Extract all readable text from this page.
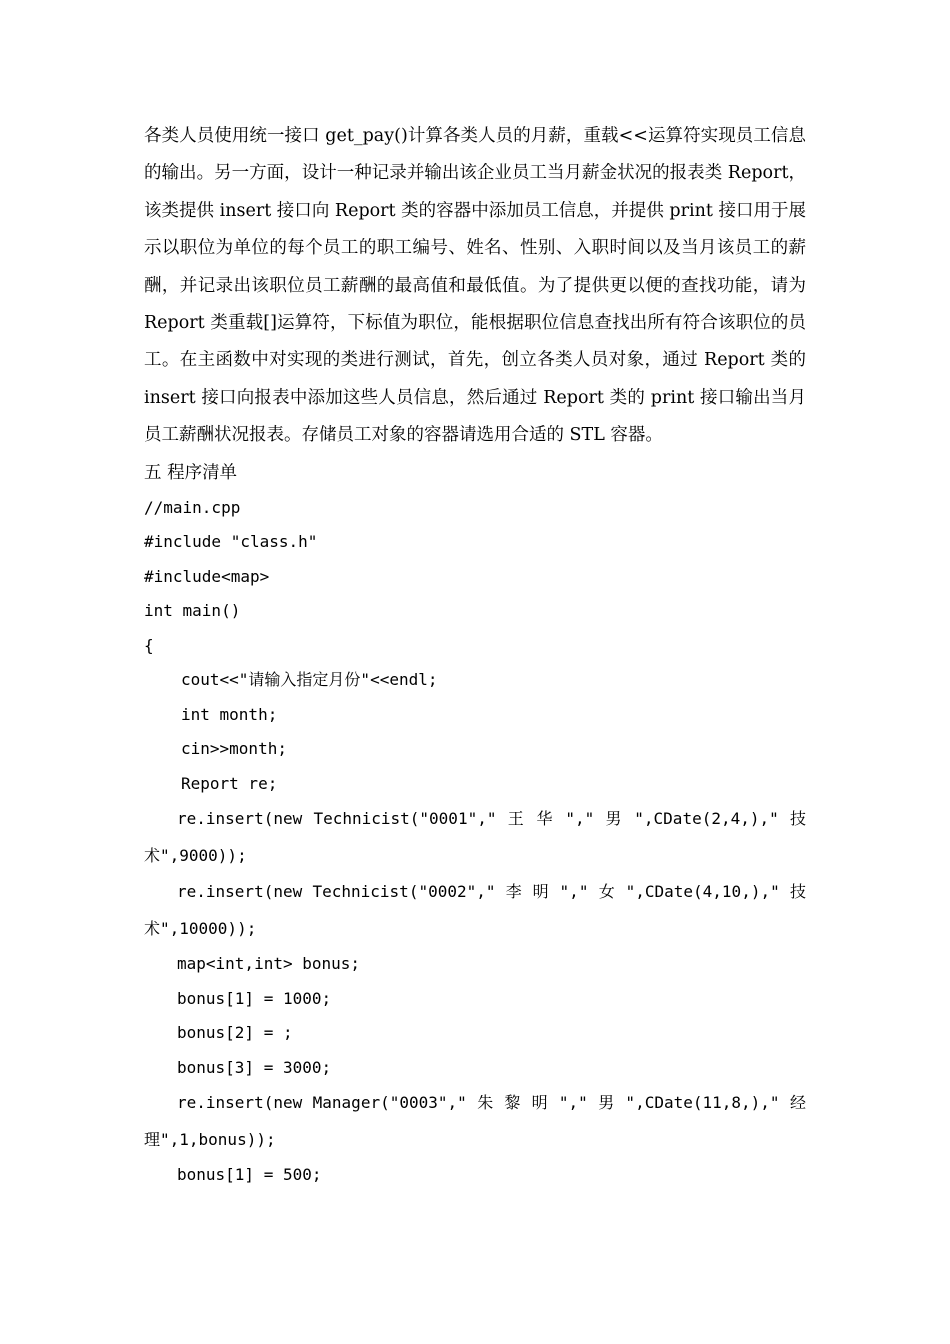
各类人员使用统一接口 get_pay()计算各类人员的月薪，重载<<运算符实现员工信息的输出。另一方面，设计一种记录并输出该企业员工当月薪金状况的报表类 Report，该类提供 insert 接口向 Report 类的容器中添加员工信息，并提供 print 接口用于展示以职位为单位的每个员工的职工编号、姓名、性别、入职时间以及当月该员工的薪酬，并记录出该职位员工薪酬的最高值和最低值。为了提供更以便的查找功能，请为 Report 类重载[]运算符，下标值为职位，能根据职位信息查找出所有符合该职位的员工。在主函数中对实现的类进行测试，首先，创立各类人员对象，通过 Report 类的 insert 接口向报表中添加这些人员信息，然后通过 Report 类的 print 接口输出当月员工薪酬状况报表。存储员工对象的容器请选用合适的 STL 容器。

五 程序清单

//main.cpp
#include "class.h"
#include<map>
int main()
{
cout<<"请输入指定月份"<<endl;
int month;
cin>>month;
Report re;
re.insert(new Technicist("0001"," 王 华 "," 男 ",CDate(2,4,)," 技
术",9000));
re.insert(new Technicist("0002"," 李 明 "," 女 ",CDate(4,10,)," 技
术",10000));
map<int,int> bonus;
bonus[1] = 1000;
bonus[2] = ;
bonus[3] = 3000;
re.insert(new Manager("0003"," 朱 黎 明 "," 男 ",CDate(11,8,)," 经
理",1,bonus));
bonus[1] = 500;
